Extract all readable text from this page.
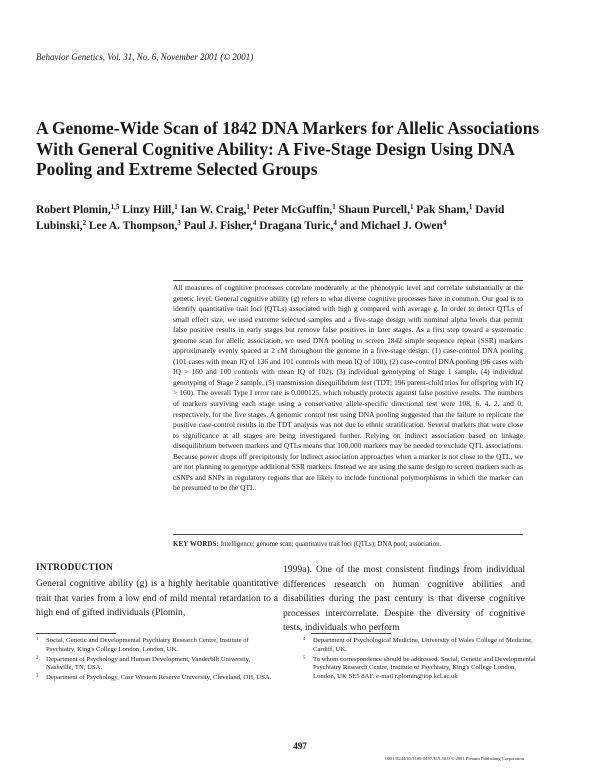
Behavior Genetics, Vol. 31, No. 6, November 2001 (© 2001)
A Genome-Wide Scan of 1842 DNA Markers for Allelic Associations With General Cognitive Ability: A Five-Stage Design Using DNA Pooling and Extreme Selected Groups
Robert Plomin,$^{1,5}$ Linzy Hill,$^1$ Ian W. Craig,$^1$ Peter McGuffin,$^1$ Shaun Purcell,$^1$ Pak Sham,$^1$ David Lubinski,$^2$ Lee A. Thompson,$^3$ Paul J. Fisher,$^4$ Dragana Turic,$^4$ and Michael J. Owen$^4$

All measures of cognitive processes correlate moderately at the phenotypic level and correlate substantially at the genetic level. General cognitive ability (g) refers to what diverse cognitive processes have in common. Our goal is to identify quantitative trait loci (QTLs) associated with high g compared with average g. In order to detect QTLs of small effect size, we used extreme selected samples and a five-stage design with nominal alpha levels that permit false positive results in early stages but remove false positives in later stages. As a first step toward a systematic genome scan for allelic association, we used DNA pooling to screen 1842 simple sequence repeat (SSR) markers approximately evenly spaced at 2 cM throughout the genome in a five-stage design: (1) case-control DNA pooling (101 cases with mean IQ of 136 and 101 controls with mean IQ of 100), (2) case-control DNA pooling (96 cases with IQ > 160 and 100 controls with mean IQ of 102), (3) individual genotyping of Stage 1 sample, (4) individual genotyping of Stage 2 sample, (5) transmission disequilibrium test (TDT; 196 parent-child trios for offspring with IQ > 160). The overall Type I error rate is 0.000125, which robustly protects against false positive results. The numbers of markers surviving each stage using a conservative allele-specific directional test were 108, 6, 4, 2, and 0, respectively, for the five stages. A genomic control test using DNA pooling suggested that the failure to replicate the positive case-control results in the TDT analysis was not due to ethnic stratification. Several markers that were close to significance at all stages are being investigated further. Relying on indirect association based on linkage disequilibrium between markers and QTLs means that 100,000 markers may be needed to exclude QTL associations. Because power drops off precipitously for indirect association approaches when a marker is not close to the QTL, we are not planning to genotype additional SSR markers. Instead we are using the same design to screen markers such as cSNPs and SNPs in regulatory regions that are likely to include functional polymorphisms in which the marker can be presumed to be the QTL.

KEY WORDS: Intelligence; genome scan; quantitative trait loci (QTLs); DNA pool; association.
INTRODUCTION

General cognitive ability (g) is a highly heritable quantitative trait that varies from a low end of mild mental retardation to a high end of gifted individuals (Plomin,

1999a). One of the most consistent findings from individual differences research on human cognitive abilities and disabilities during the past century is that diverse cognitive processes intercorrelate. Despite the diversity of cognitive tests, individuals who perform

1 Social, Genetic and Developmental Psychiatry Research Centre, Institute of Psychiatry, King's College London, London, UK.
2 Department of Psychology and Human Development, Vanderbilt University, Nashville, TN, USA.
3 Department of Psychology, Case Western Reserve University, Cleveland, OH, USA.
4 Department of Psychological Medicine, University of Wales College of Medicine, Cardiff, UK.
5 To whom correspondence should be addressed. Social, Genetic and Developmental Psychiatry Research Centre, Institute of Psychiatry, King's College London, London, UK SE5 8AF. e-mail r.plomin@iop.kcl.ac.uk
497
0001-8244/01/1100-0497/$19.50/0 © 2001 Plenum Publishing Corporation
